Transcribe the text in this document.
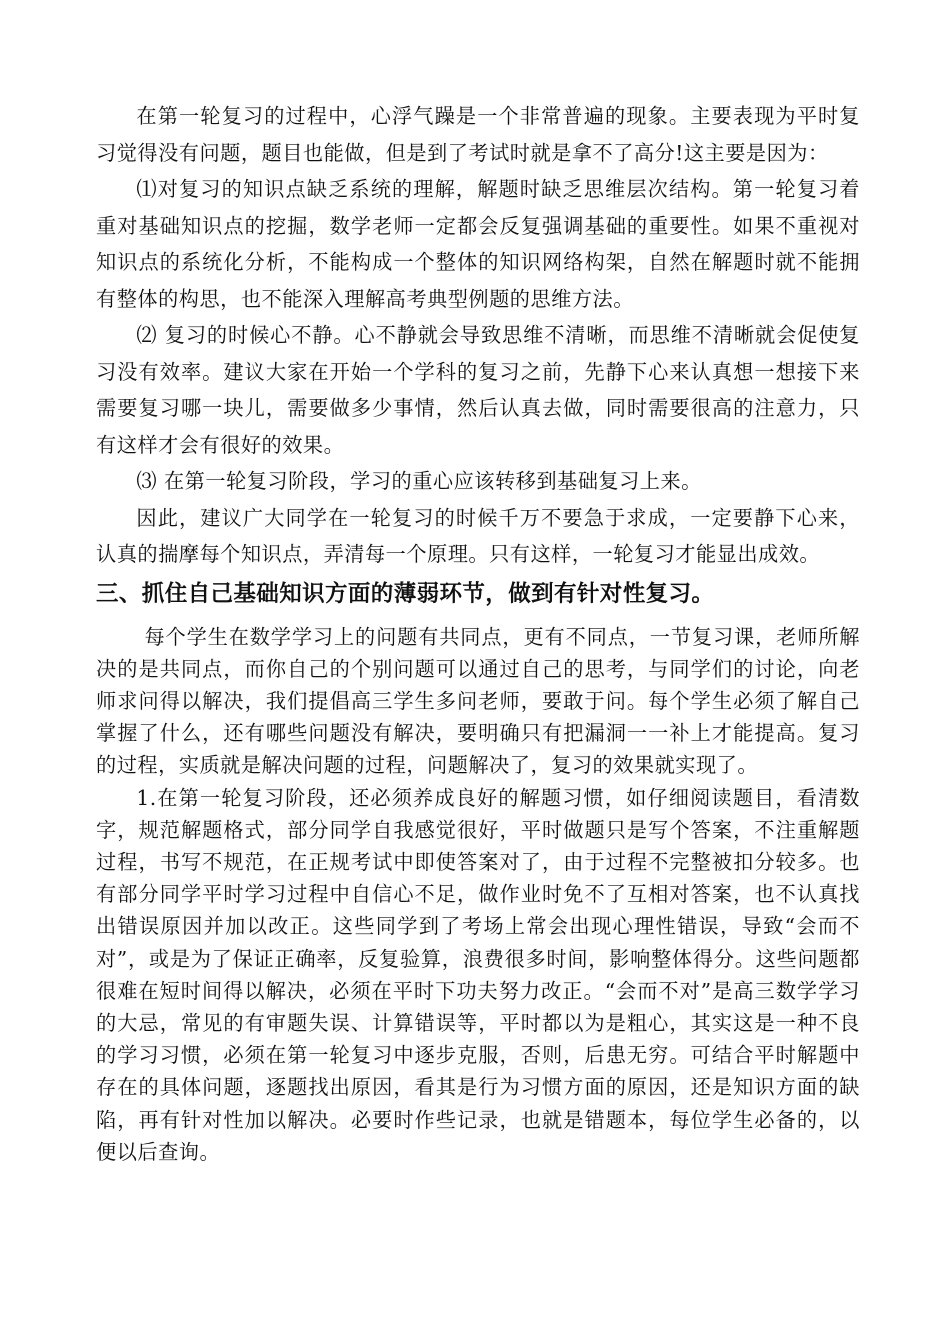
在第一轮复习的过程中，心浮气躁是一个非常普遍的现象。主要表现为平时复习觉得没有问题，题目也能做，但是到了考试时就是拿不了高分!这主要是因为：

⑴对复习的知识点缺乏系统的理解，解题时缺乏思维层次结构。第一轮复习着重对基础知识点的挖掘，数学老师一定都会反复强调基础的重要性。如果不重视对知识点的系统化分析，不能构成一个整体的知识网络构架，自然在解题时就不能拥有整体的构思，也不能深入理解高考典型例题的思维方法。

⑵ 复习的时候心不静。心不静就会导致思维不清晰，而思维不清晰就会促使复习没有效率。建议大家在开始一个学科的复习之前，先静下心来认真想一想接下来需要复习哪一块儿，需要做多少事情，然后认真去做，同时需要很高的注意力，只有这样才会有很好的效果。

⑶ 在第一轮复习阶段，学习的重心应该转移到基础复习上来。

因此，建议广大同学在一轮复习的时候千万不要急于求成，一定要静下心来，认真的揣摩每个知识点，弄清每一个原理。只有这样，一轮复习才能显出成效。

三、抓住自己基础知识方面的薄弱环节，做到有针对性复习。

每个学生在数学学习上的问题有共同点，更有不同点，一节复习课，老师所解决的是共同点，而你自己的个别问题可以通过自己的思考，与同学们的讨论，向老师求问得以解决，我们提倡高三学生多问老师，要敢于问。每个学生必须了解自己掌握了什么，还有哪些问题没有解决，要明确只有把漏洞一一补上才能提高。复习的过程，实质就是解决问题的过程，问题解决了，复习的效果就实现了。

1.在第一轮复习阶段，还必须养成良好的解题习惯，如仔细阅读题目，看清数字，规范解题格式，部分同学自我感觉很好，平时做题只是写个答案，不注重解题过程，书写不规范，在正规考试中即使答案对了，由于过程不完整被扣分较多。也有部分同学平时学习过程中自信心不足，做作业时免不了互相对答案，也不认真找出错误原因并加以改正。这些同学到了考场上常会出现心理性错误，导致“会而不对”，或是为了保证正确率，反复验算，浪费很多时间，影响整体得分。这些问题都很难在短时间得以解决，必须在平时下功夫努力改正。“会而不对”是高三数学学习的大忌，常见的有审题失误、计算错误等，平时都以为是粗心，其实这是一种不良的学习习惯，必须在第一轮复习中逐步克服，否则，后患无穷。可结合平时解题中存在的具体问题，逐题找出原因，看其是行为习惯方面的原因，还是知识方面的缺陷，再有针对性加以解决。必要时作些记录，也就是错题本，每位学生必备的，以便以后查询。
